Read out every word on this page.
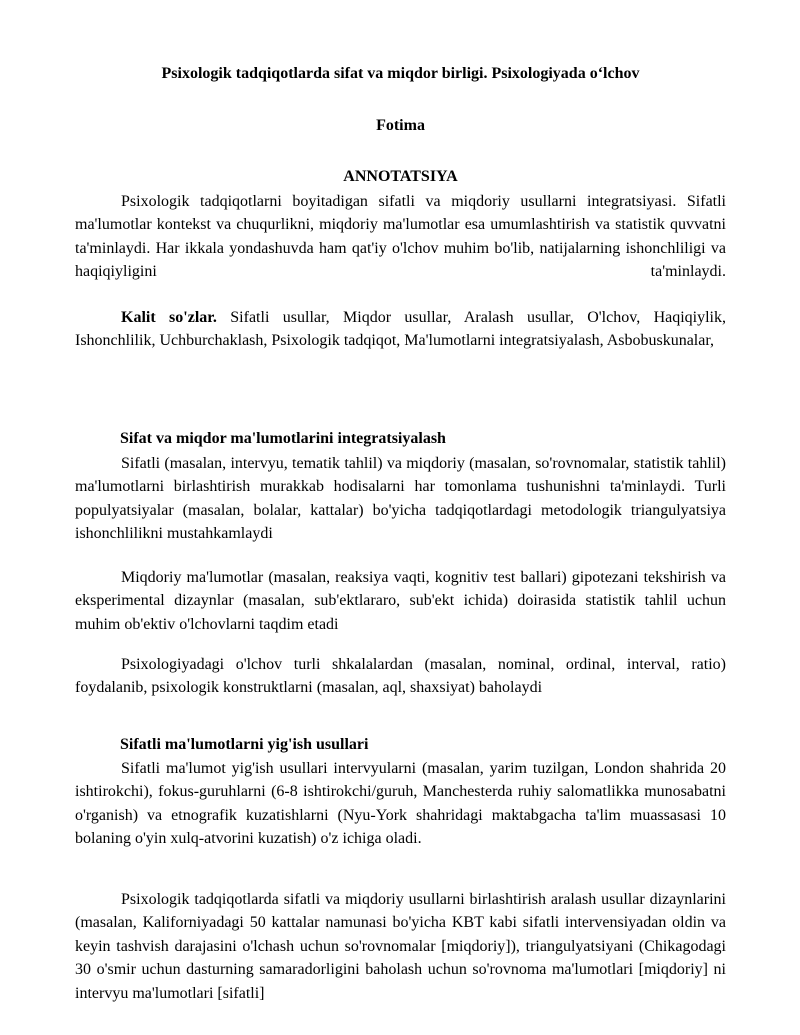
Psixologik tadqiqotlarda sifat va miqdor birligi. Psixologiyada o‘lchov

Fotima

ANNOTATSIYA

Psixologik tadqiqotlarni boyitadigan sifatli va miqdoriy usullarni integratsiyasi. Sifatli ma'lumotlar kontekst va chuqurlikni, miqdoriy ma'lumotlar esa umumlashtirish va statistik quvvatni ta'minlaydi. Har ikkala yondashuvda ham qat'iy o'lchov muhim bo'lib, natijalarning ishonchliligi va haqiqiyligini ta'minlaydi.

Kalit so'zlar. Sifatli usullar, Miqdor usullar, Aralash usullar, O'lchov, Haqiqiylik, Ishonchlilik, Uchburchaklash, Psixologik tadqiqot, Ma'lumotlarni integratsiyalash, Asbobuskunalar,

Sifat va miqdor ma'lumotlarini integratsiyalash

Sifatli (masalan, intervyu, tematik tahlil) va miqdoriy (masalan, so'rovnomalar, statistik tahlil) ma'lumotlarni birlashtirish murakkab hodisalarni har tomonlama tushunishni ta'minlaydi. Turli populyatsiyalar (masalan, bolalar, kattalar) bo'yicha tadqiqotlardagi metodologik triangulyatsiya ishonchlilikni mustahkamlaydi

Miqdoriy ma'lumotlar (masalan, reaksiya vaqti, kognitiv test ballari) gipotezani tekshirish va eksperimental dizaynlar (masalan, sub'ektlararo, sub'ekt ichida) doirasida statistik tahlil uchun muhim ob'ektiv o'lchovlarni taqdim etadi

Psixologiyadagi o'lchov turli shkalalardan (masalan, nominal, ordinal, interval, ratio) foydalanib, psixologik konstruktlarni (masalan, aql, shaxsiyat) baholaydi

Sifatli ma'lumotlarni yig'ish usullari

Sifatli ma'lumot yig'ish usullari intervyularni (masalan, yarim tuzilgan, London shahrida 20 ishtirokchi), fokus-guruhlarni (6-8 ishtirokchi/guruh, Manchesterda ruhiy salomatlikka munosabatni o'rganish) va etnografik kuzatishlarni (Nyu-York shahridagi maktabgacha ta'lim muassasasi 10 bolaning o'yin xulq-atvorini kuzatish) o'z ichiga oladi.

Psixologik tadqiqotlarda sifatli va miqdoriy usullarni birlashtirish aralash usullar dizaynlarini (masalan, Kaliforniyadagi 50 kattalar namunasi bo'yicha KBT kabi sifatli intervensiyadan oldin va keyin tashvish darajasini o'lchash uchun so'rovnomalar [miqdoriy]), triangulyatsiyani (Chikagodagi 30 o'smir uchun dasturning samaradorligini baholash uchun so'rovnoma ma'lumotlari [miqdoriy] ni intervyu ma'lumotlari [sifatli]
